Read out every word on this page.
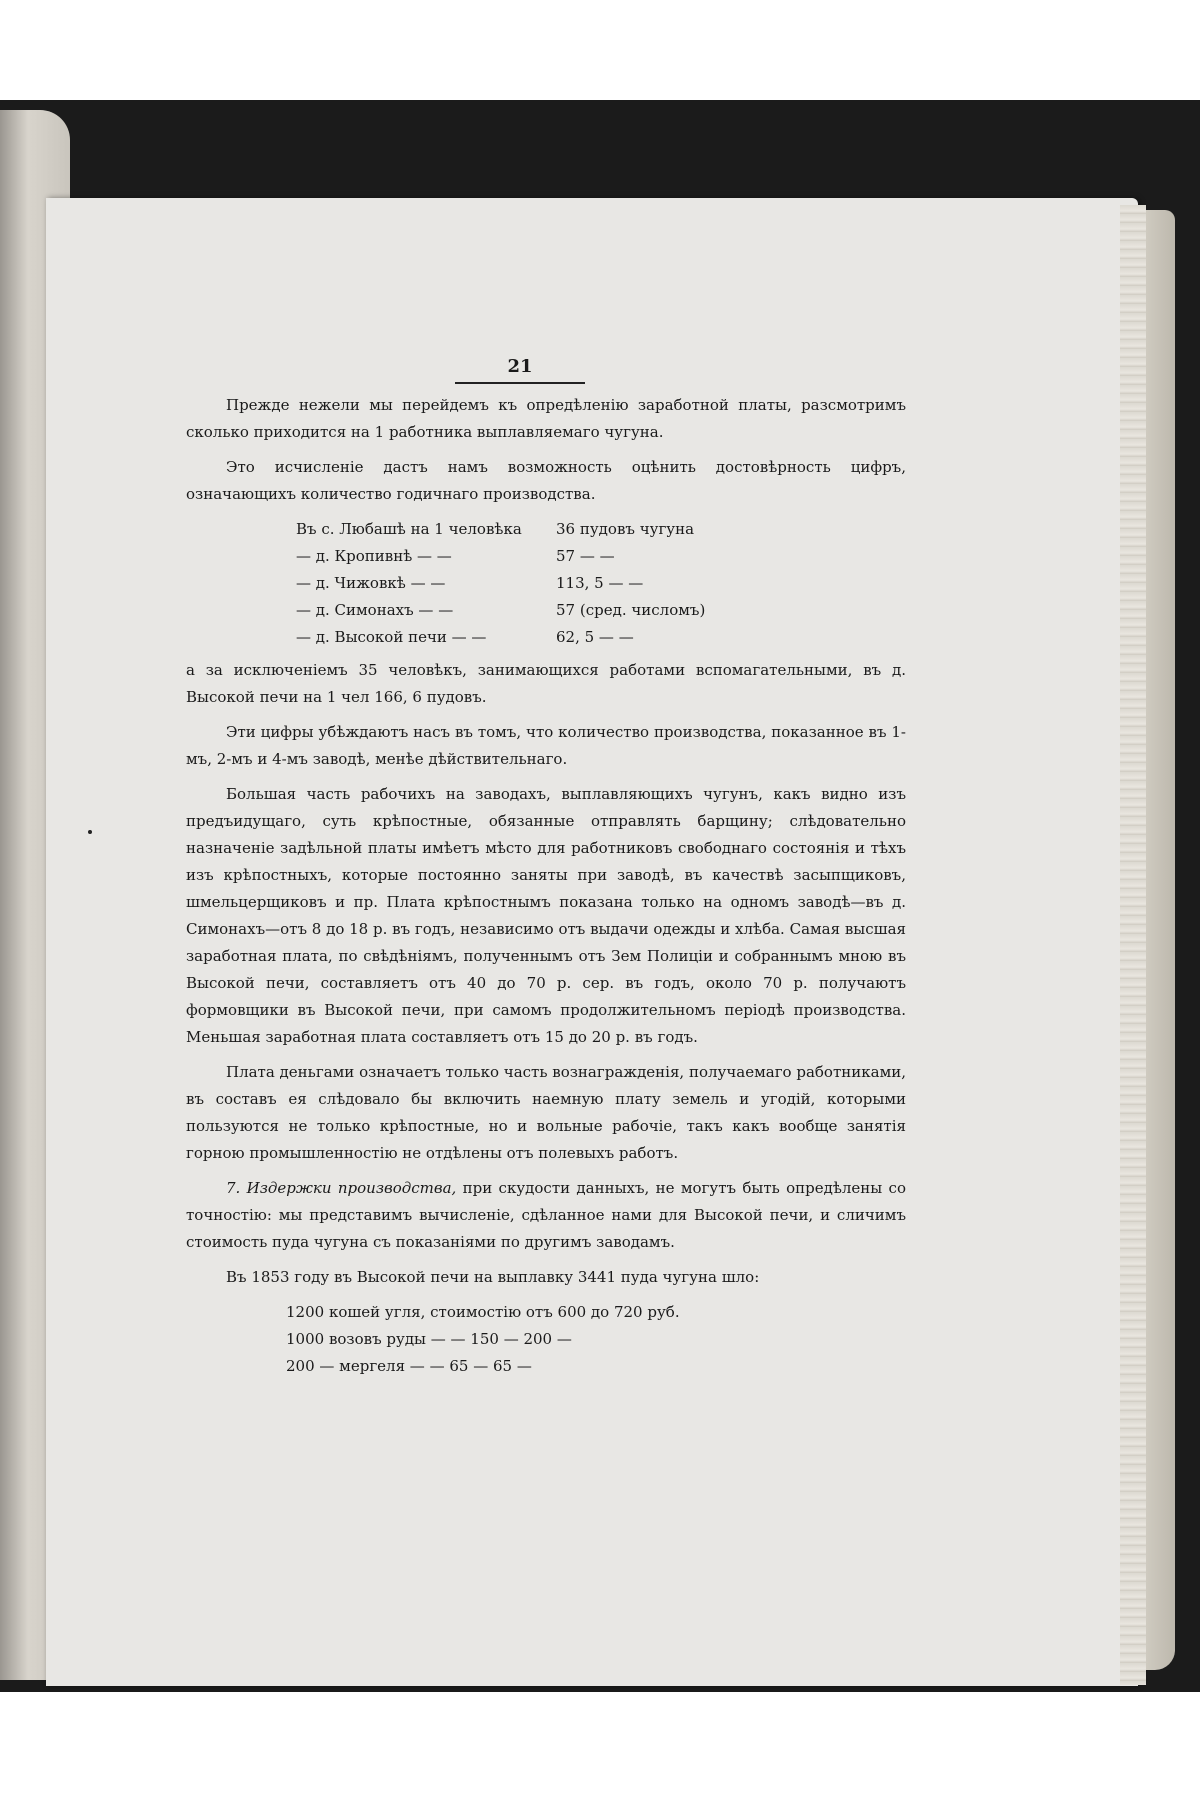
21

Прежде нежели мы перейдемъ къ опредѣленію заработной платы, разсмотримъ сколько приходится на 1 работника выплавляемаго чугуна.

Это исчисленіе дастъ намъ возможность оцѣнить достовѣрность цифръ, означающихъ количество годичнаго производства.

Въ с. Любашѣ на 1 человѣка	36 пудовъ чугуна
— д. Кропивнѣ — —	57 — —
— д. Чижовкѣ — —	113, 5 — —
— д. Симонахъ — —	57 (сред. числомъ)
— д. Высокой печи — —	62, 5 — —

а за исключеніемъ 35 человѣкъ, занимающихся работами вспомагательными, въ д. Высокой печи на 1 чел 166, 6 пудовъ.

Эти цифры убѣждаютъ насъ въ томъ, что количество производства, показанное въ 1-мъ, 2-мъ и 4-мъ заводѣ, менѣе дѣйствительнаго.

Большая часть рабочихъ на заводахъ, выплавляющихъ чугунъ, какъ видно изъ предъидущаго, суть крѣпостные, обязанные отправлять барщину; слѣдовательно назначеніе задѣльной платы имѣетъ мѣсто для работниковъ свободнаго состоянія и тѣхъ изъ крѣпостныхъ, которые постоянно заняты при заводѣ, въ качествѣ засыпщиковъ, шмельцерщиковъ и пр. Плата крѣпостнымъ показана только на одномъ заводѣ—въ д. Симонахъ—отъ 8 до 18 р. въ годъ, независимо отъ выдачи одежды и хлѣба. Самая высшая заработная плата, по свѣдѣніямъ, полученнымъ отъ Зем Полиціи и собраннымъ мною въ Высокой печи, составляетъ отъ 40 до 70 р. сер. въ годъ, около 70 р. получаютъ формовщики въ Высокой печи, при самомъ продолжительномъ періодѣ производства. Меньшая заработная плата составляетъ отъ 15 до 20 р. въ годъ.

Плата деньгами означаетъ только часть вознагражденія, получаемаго работниками, въ составъ ея слѣдовало бы включить наемную плату земель и угодій, которыми пользуются не только крѣпостные, но и вольные рабочіе, такъ какъ вообще занятія горною промышленностію не отдѣлены отъ полевыхъ работъ.

7. Издержки производства, при скудости данныхъ, не могутъ быть опредѣлены со точностію: мы представимъ вычисленіе, сдѣланное нами для Высокой печи, и сличимъ стоимость пуда чугуна съ показаніями по другимъ заводамъ.

Въ 1853 году въ Высокой печи на выплавку 3441 пуда чугуна шло:

1200 кошей угля, стоимостію отъ 600 до 720 руб.
1000 возовъ руды — — 150 — 200 —
200 — мергеля — — 65 — 65 —
